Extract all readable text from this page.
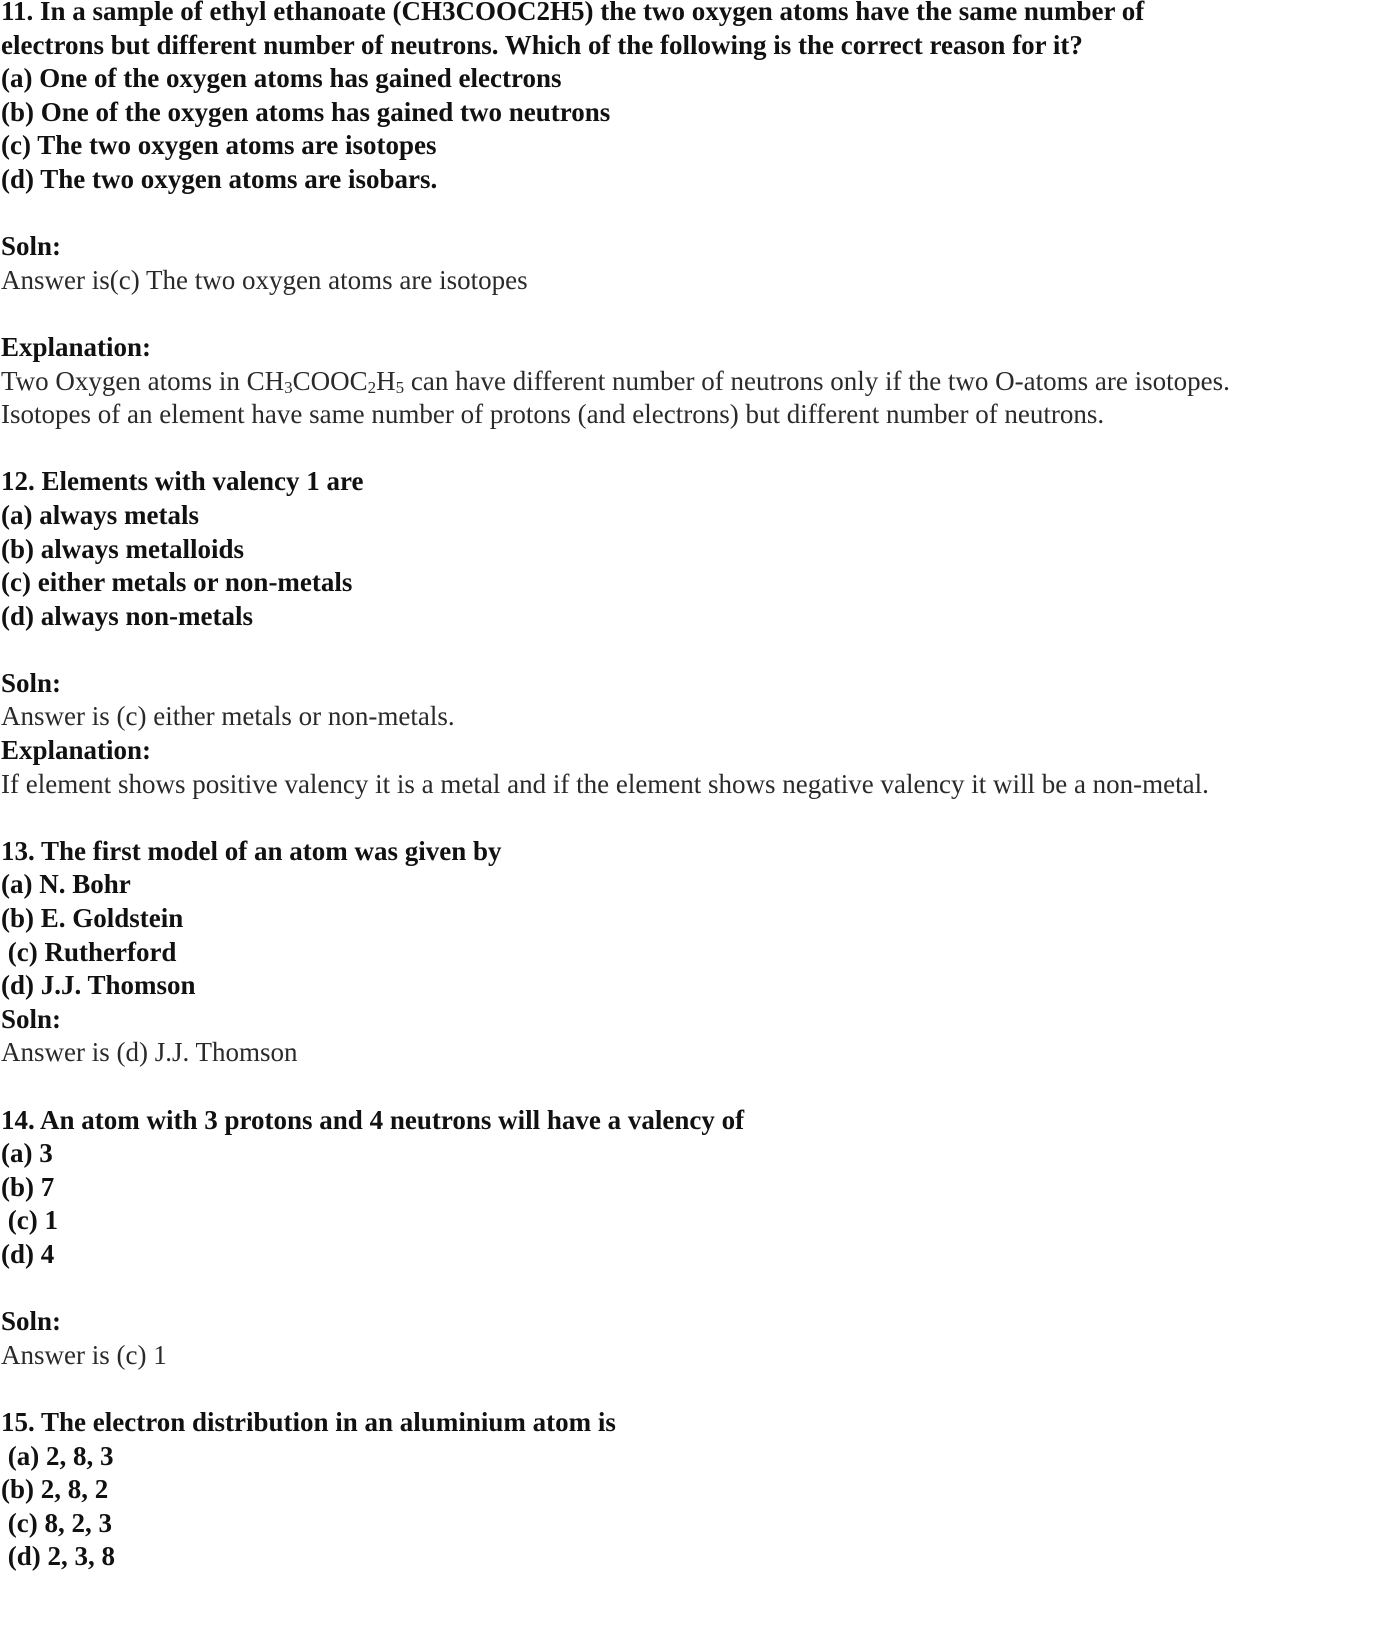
11. In a sample of ethyl ethanoate (CH3COOC2H5) the two oxygen atoms have the same number of
electrons but different number of neutrons. Which of the following is the correct reason for it?
(a) One of the oxygen atoms has gained electrons
(b) One of the oxygen atoms has gained two neutrons
(c) The two oxygen atoms are isotopes
(d) The two oxygen atoms are isobars.
Soln:
Answer is(c) The two oxygen atoms are isotopes
Explanation:
Two Oxygen atoms in $CH_3COOC_2H_5$ can have different number of neutrons only if the two O-atoms are isotopes.
Isotopes of an element have same number of protons (and electrons) but different number of neutrons.
12. Elements with valency 1 are
(a) always metals
(b) always metalloids
(c) either metals or non-metals
(d) always non-metals
Soln:
Answer is (c) either metals or non-metals.
Explanation:
If element shows positive valency it is a metal and if the element shows negative valency it will be a non-metal.
13. The first model of an atom was given by
(a) N. Bohr
(b) E. Goldstein
(c) Rutherford
(d) J.J. Thomson
Soln:
Answer is (d) J.J. Thomson
14. An atom with 3 protons and 4 neutrons will have a valency of
(a) 3
(b) 7
(c) 1
(d) 4
Soln:
Answer is (c) 1
15. The electron distribution in an aluminium atom is
(a) 2, 8, 3
(b) 2, 8, 2
(c) 8, 2, 3
(d) 2, 3, 8
